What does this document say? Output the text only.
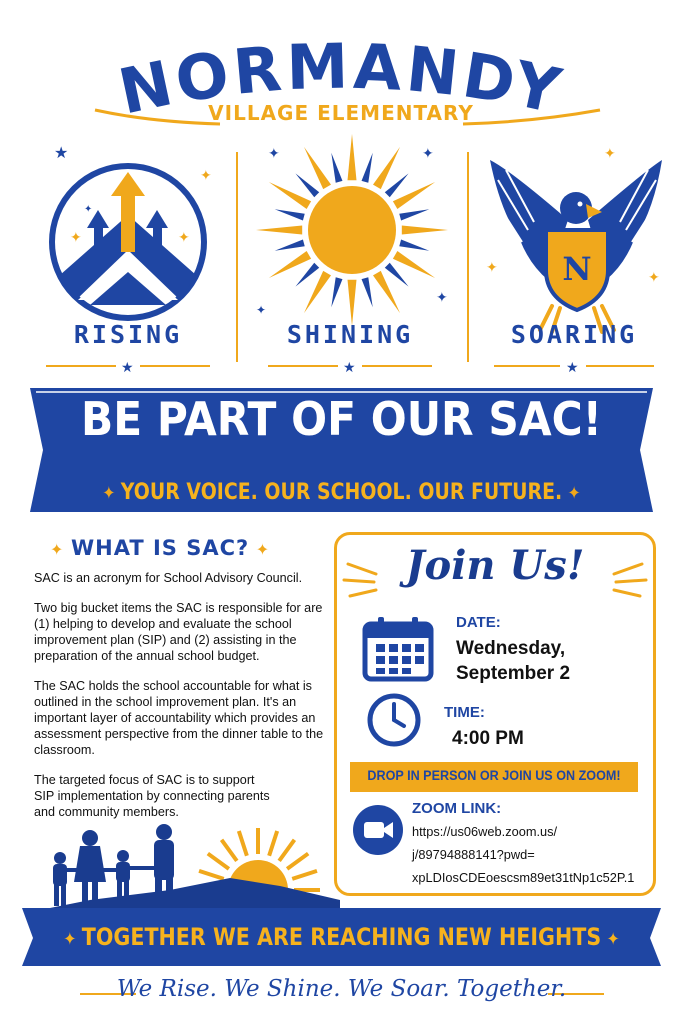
NORMANDY
VILLAGE ELEMENTARY
✦	✦
✦
★
✦
✦	✦
✦
✦
N
✦
✦
✦
★	★	★
RISING	SHINING	SOARING
BE PART OF OUR SAC!
✦ YOUR VOICE. OUR SCHOOL. OUR FUTURE. ✦
✦ WHAT IS SAC? ✦

SAC is an acronym for School Advisory Council.

Two big bucket items the SAC is responsible for are (1) helping to develop and evaluate the school improvement plan (SIP) and (2) assisting in the preparation of the annual school budget.

The SAC holds the school accountable for what is outlined in the school improvement plan. It's an important layer of accountability which provides an assessment perspective from the dinner table to the classroom.

The targeted focus of SAC is to support SIP implementation by connecting parents and community members.

Join Us!
DATE:
Wednesday, September 2
TIME:
4:00 PM
DROP IN PERSON OR JOIN US ON ZOOM!
ZOOM LINK:
https://us06web.zoom.us/
j/89794888141?pwd=
xpLDIosCDEoescsm89et31tNp1c52P.1
✦ TOGETHER WE ARE REACHING NEW HEIGHTS ✦
We Rise. We Shine. We Soar. Together.
